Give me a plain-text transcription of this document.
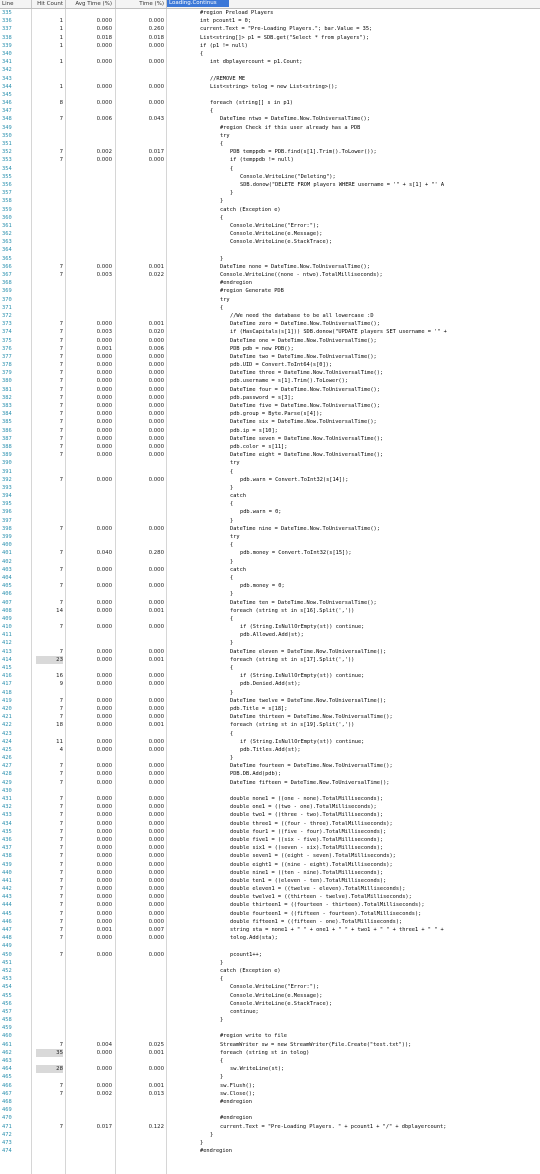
Line	Hit Count	Avg Time (%)	Time (%) Loading.Continus
335	#region Preload Players
336	1	0.000	0.000	int pcount1 = 0;
337	1	0.060	0.260	current.Text = "Pre-Loading Players."; bar.Value = 35;
338	1	0.018	0.018	List<string[]> p1 = SDB.get("Select * from players");
339	1	0.000	0.000	if (p1 != null)
340	{
341	1	0.000	0.000	int dbplayercount = p1.Count;
342
343	//REMOVE ME
344	1	0.000	0.000	List<string> tolog = new List<string>();
345
346	8	0.000	0.000	foreach (string[] s in p1)
347	{
348	7	0.006	0.043	DateTime ntwo = DateTime.Now.ToUniversalTime();
349	#region Check if this user already has a PDB
350	try
351	{
352	7	0.002	0.017	PDB temppdb = PDB.find(s[1].Trim().ToLower());
353	7	0.000	0.000	if (temppdb != null)
354	{
355	Console.WriteLine("Deleting");
356	SDB.donow("DELETE FROM players WHERE username = '" + s[1] + "' A
357	}
358	}
359	catch (Exception e)
360	{
361	Console.WriteLine("Error:");
362	Console.WriteLine(e.Message);
363	Console.WriteLine(e.StackTrace);
364
365	}
366	7	0.000	0.001	DateTime none = DateTime.Now.ToUniversalTime();
367	7	0.003	0.022	Console.WriteLine((none - ntwo).TotalMilliseconds);
368	#endregion
369	#region Generate PDB
370	try
371	{
372	//We need the database to be all lowercase :D
373	7	0.000	0.001	DateTime zero = DateTime.Now.ToUniversalTime();
374	7	0.003	0.020	if (HasCapitals(s[1])) SDB.donow("UPDATE players SET username = '" +
375	7	0.000	0.000	DateTime one = DateTime.Now.ToUniversalTime();
376	7	0.001	0.006	PDB pdb = new PDB();
377	7	0.000	0.000	DateTime two = DateTime.Now.ToUniversalTime();
378	7	0.000	0.000	pdb.UID = Convert.ToInt64(s[0]);
379	7	0.000	0.000	DateTime three = DateTime.Now.ToUniversalTime();
380	7	0.000	0.000	pdb.username = s[1].Trim().ToLower();
381	7	0.000	0.000	DateTime four = DateTime.Now.ToUniversalTime();
382	7	0.000	0.000	pdb.password = s[3];
383	7	0.000	0.000	DateTime five = DateTime.Now.ToUniversalTime();
384	7	0.000	0.000	pdb.group = Byte.Parse(s[4]);
385	7	0.000	0.000	DateTime six = DateTime.Now.ToUniversalTime();
386	7	0.000	0.000	pdb.ip = s[10];
387	7	0.000	0.000	DateTime seven = DateTime.Now.ToUniversalTime();
388	7	0.000	0.000	pdb.color = s[11];
389	7	0.000	0.000	DateTime eight = DateTime.Now.ToUniversalTime();
390	try
391	{
392	7	0.000	0.000	pdb.warn = Convert.ToInt32(s[14]);
393	}
394	catch
395	{
396	pdb.warn = 0;
397	}
398	7	0.000	0.000	DateTime nine = DateTime.Now.ToUniversalTime();
399	try
400	{
401	7	0.040	0.280	pdb.money = Convert.ToInt32(s[15]);
402	}
403	7	0.000	0.000	catch
404	{
405	7	0.000	0.000	pdb.money = 0;
406	}
407	7	0.000	0.000	DateTime ten = DateTime.Now.ToUniversalTime();
408	14	0.000	0.001	foreach (string st in s[16].Split(','))
409	{
410	7	0.000	0.000	if (String.IsNullOrEmpty(st)) continue;
411	pdb.Allowed.Add(st);
412	}
413	7	0.000	0.000	DateTime eleven = DateTime.Now.ToUniversalTime();
414	23	0.000	0.001	foreach (string st in s[17].Split(','))
415	{
416	16	0.000	0.000	if (String.IsNullOrEmpty(st)) continue;
417	9	0.000	0.000	pdb.Denied.Add(st);
418	}
419	7	0.000	0.000	DateTime twelve = DateTime.Now.ToUniversalTime();
420	7	0.000	0.000	pdb.Title = s[18];
421	7	0.000	0.000	DateTime thirteen = DateTime.Now.ToUniversalTime();
422	18	0.000	0.001	foreach (string st in s[19].Split(','))
423	{
424	11	0.000	0.000	if (String.IsNullOrEmpty(st)) continue;
425	4	0.000	0.000	pdb.Titles.Add(st);
426	}
427	7	0.000	0.000	DateTime fourteen = DateTime.Now.ToUniversalTime();
428	7	0.000	0.000	PDB.DB.Add(pdb);
429	7	0.000	0.000	DateTime fifteen = DateTime.Now.ToUniversalTime();
430
431	7	0.000	0.000	double none1 = ((one - none).TotalMilliseconds);
432	7	0.000	0.000	double one1 = ((two - one).TotalMilliseconds);
433	7	0.000	0.000	double two1 = ((three - two).TotalMilliseconds);
434	7	0.000	0.000	double three1 = ((four - three).TotalMilliseconds);
435	7	0.000	0.000	double four1 = ((five - four).TotalMilliseconds);
436	7	0.000	0.000	double five1 = ((six - five).TotalMilliseconds);
437	7	0.000	0.000	double six1 = ((seven - six).TotalMilliseconds);
438	7	0.000	0.000	double seven1 = ((eight - seven).TotalMilliseconds);
439	7	0.000	0.000	double eight1 = ((nine - eight).TotalMilliseconds);
440	7	0.000	0.000	double nine1 = ((ten - nine).TotalMilliseconds);
441	7	0.000	0.000	double ten1 = ((eleven - ten).TotalMilliseconds);
442	7	0.000	0.000	double eleven1 = ((twelve - eleven).TotalMilliseconds);
443	7	0.000	0.000	double twelve1 = ((thirteen - twelve).TotalMilliseconds);
444	7	0.000	0.000	double thirteen1 = ((fourteen - thirteen).TotalMilliseconds);
445	7	0.000	0.000	double fourteen1 = ((fifteen - fourteen).TotalMilliseconds);
446	7	0.000	0.000	double fifteen1 = ((fifteen - one).TotalMilliseconds);
447	7	0.001	0.007	string sta = none1 + " " + one1 + " " + two1 + " " + three1 + " " +
448	7	0.000	0.000	tolog.Add(sta);
449
450	7	0.000	0.000	pcount1++;
451	}
452	catch (Exception e)
453	{
454	Console.WriteLine("Error:");
455	Console.WriteLine(e.Message);
456	Console.WriteLine(e.StackTrace);
457	continue;
458	}
459
460	#region write to file
461	7	0.004	0.025	StreamWriter sw = new StreamWriter(File.Create("test.txt"));
462	35	0.000	0.001	foreach (string st in tolog)
463	{
464	28	0.000	0.000	sw.WriteLine(st);
465	}
466	7	0.000	0.001	sw.Flush();
467	7	0.002	0.013	sw.Close();
468	#endregion
469
470	#endregion
471	7	0.017	0.122	current.Text = "Pre-Loading Players. " + pcount1 + "/" + dbplayercount;
472	}
473	}
474	#endregion
